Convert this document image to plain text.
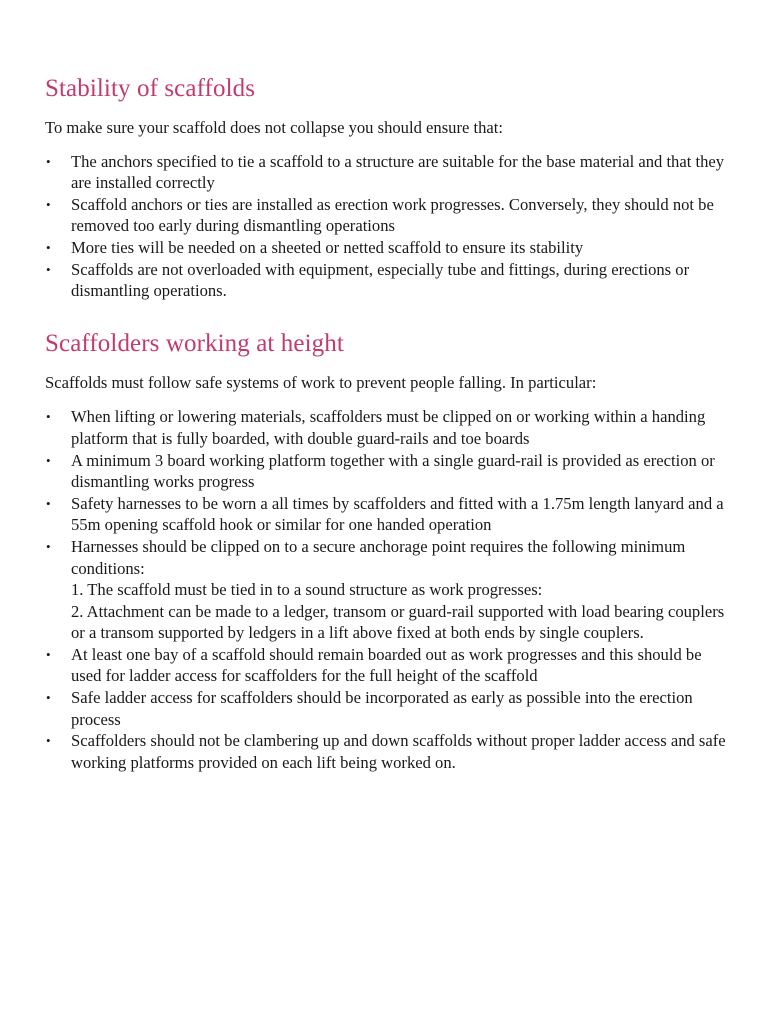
Stability of scaffolds

To make sure your scaffold does not collapse you should ensure that:

• The anchors specified to tie a scaffold to a structure are suitable for the base material and that they are installed correctly
• Scaffold anchors or ties are installed as erection work progresses. Conversely, they should not be removed too early during dismantling operations
• More ties will be needed on a sheeted or netted scaffold to ensure its stability
• Scaffolds are not overloaded with equipment, especially tube and fittings, during erections or dismantling operations.
Scaffolders working at height

Scaffolds must follow safe systems of work to prevent people falling. In particular:

• When lifting or lowering materials, scaffolders must be clipped on or working within a handing platform that is fully boarded, with double guard-rails and toe boards
• A minimum 3 board working platform together with a single guard-rail is provided as erection or dismantling works progress
• Safety harnesses to be worn a all times by scaffolders and fitted with a 1.75m length lanyard and a 55m opening scaffold hook or similar for one handed operation
• Harnesses should be clipped on to a secure anchorage point requires the following minimum conditions:
1. The scaffold must be tied in to a sound structure as work progresses:
2. Attachment can be made to a ledger, transom or guard-rail supported with load bearing couplers or a transom supported by ledgers in a lift above fixed at both ends by single couplers.
• At least one bay of a scaffold should remain boarded out as work progresses and this should be used for ladder access for scaffolders for the full height of the scaffold
• Safe ladder access for scaffolders should be incorporated as early as possible into the erection process
• Scaffolders should not be clambering up and down scaffolds without proper ladder access and safe working platforms provided on each lift being worked on.
